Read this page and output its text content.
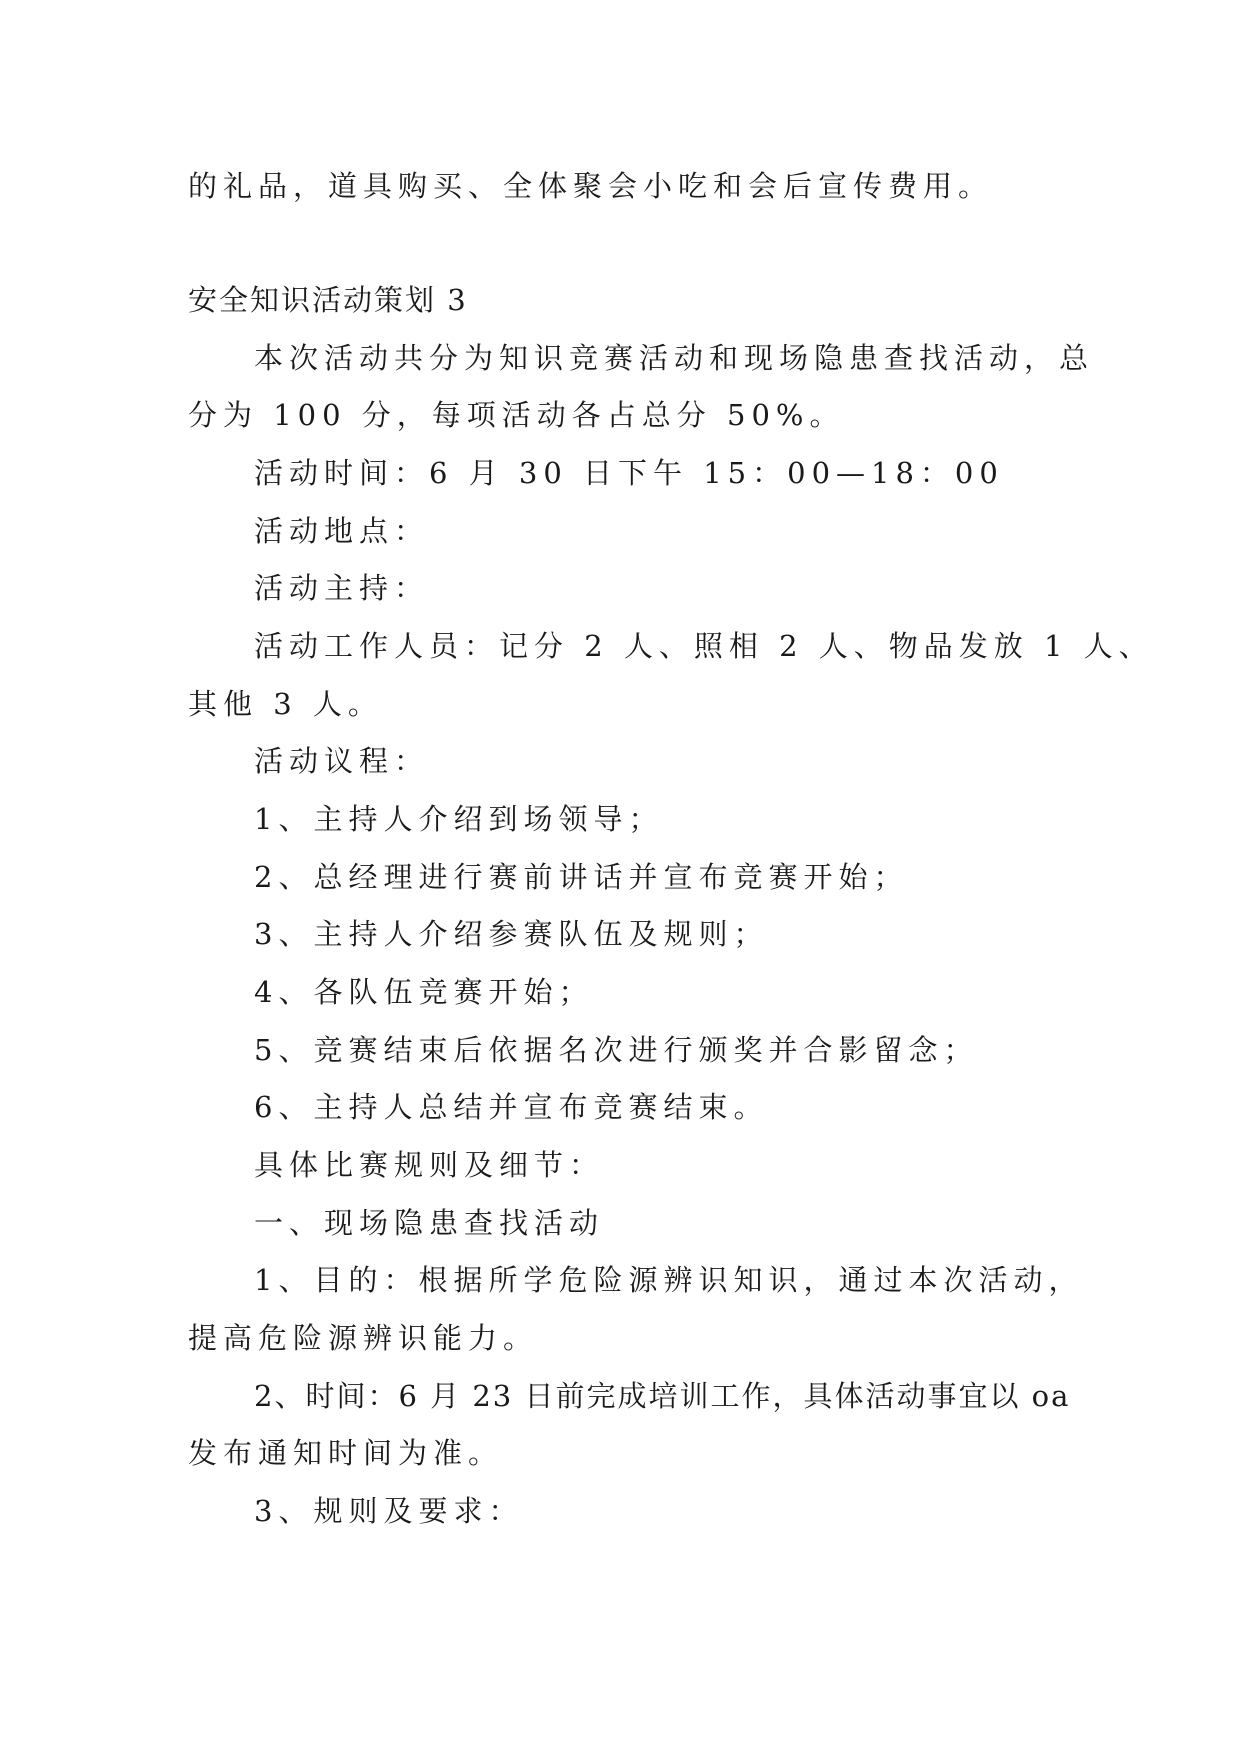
的礼品，道具购买、全体聚会小吃和会后宣传费用。

安全知识活动策划 3

本次活动共分为知识竞赛活动和现场隐患查找活动，总

分为 100 分，每项活动各占总分 50%。

活动时间：6 月 30 日下午 15：00—18：00

活动地点：

活动主持：

活动工作人员：记分 2 人、照相 2 人、物品发放 1 人、

其他 3 人。

活动议程：

1、主持人介绍到场领导；

2、总经理进行赛前讲话并宣布竞赛开始；

3、主持人介绍参赛队伍及规则；

4、各队伍竞赛开始；

5、竞赛结束后依据名次进行颁奖并合影留念；

6、主持人总结并宣布竞赛结束。

具体比赛规则及细节：

一、现场隐患查找活动

1、目的：根据所学危险源辨识知识，通过本次活动，

提高危险源辨识能力。

2、时间：6 月 23 日前完成培训工作，具体活动事宜以 oa

发布通知时间为准。

3、规则及要求：
